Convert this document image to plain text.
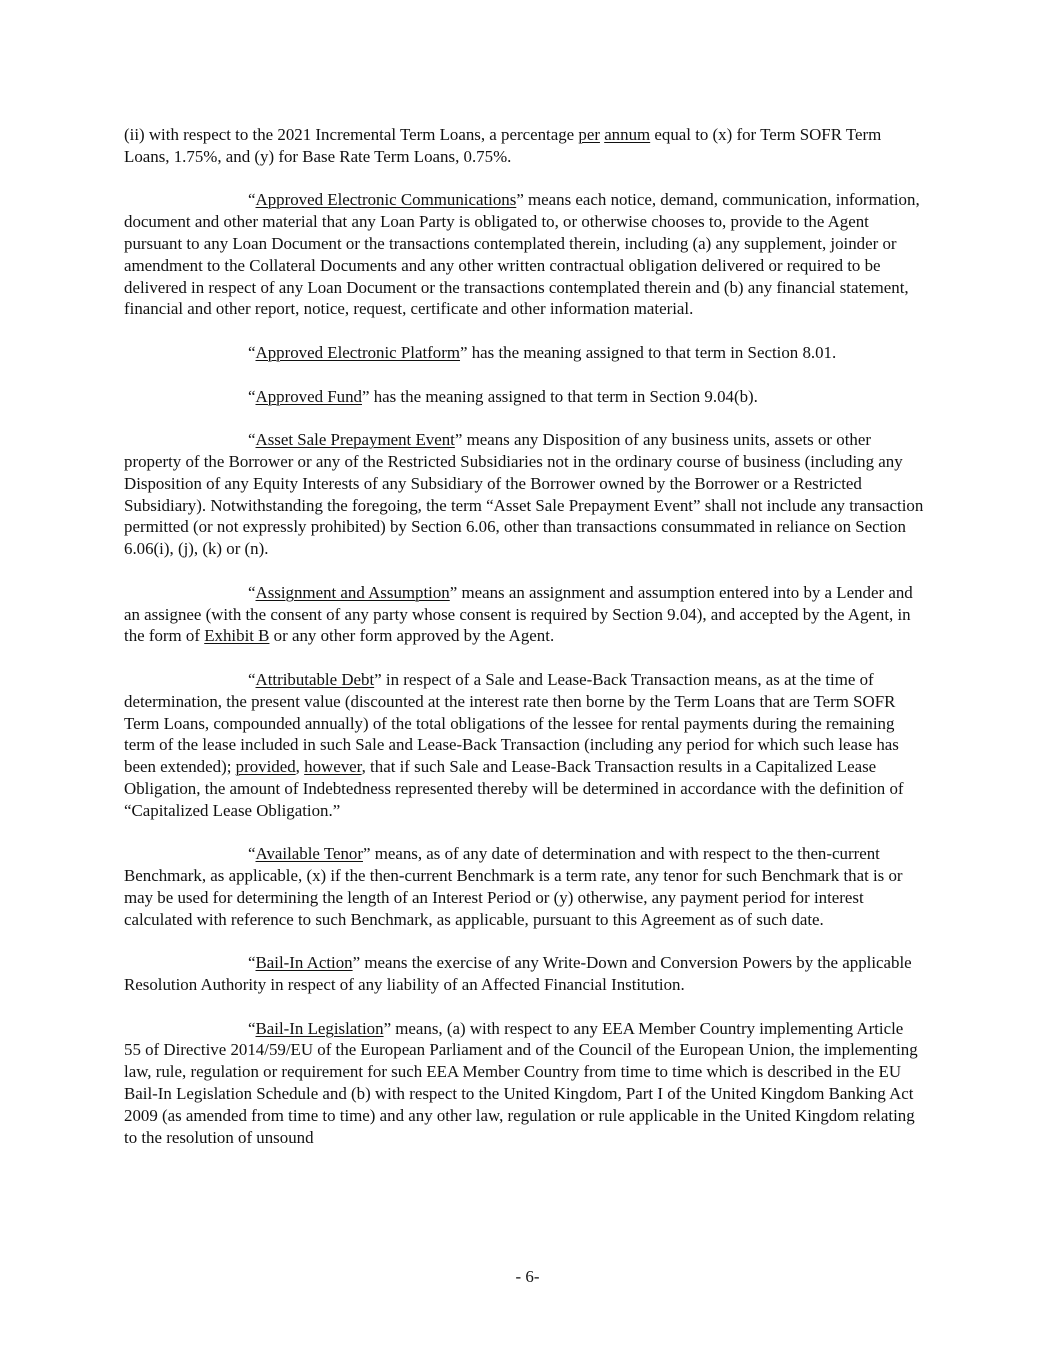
(ii) with respect to the 2021 Incremental Term Loans, a percentage per annum equal to (x) for Term SOFR Term Loans, 1.75%, and (y) for Base Rate Term Loans, 0.75%.

“Approved Electronic Communications” means each notice, demand, communication, information, document and other material that any Loan Party is obligated to, or otherwise chooses to, provide to the Agent pursuant to any Loan Document or the transactions contemplated therein, including (a) any supplement, joinder or amendment to the Collateral Documents and any other written contractual obligation delivered or required to be delivered in respect of any Loan Document or the transactions contemplated therein and (b) any financial statement, financial and other report, notice, request, certificate and other information material.

“Approved Electronic Platform” has the meaning assigned to that term in Section 8.01.

“Approved Fund” has the meaning assigned to that term in Section 9.04(b).

“Asset Sale Prepayment Event” means any Disposition of any business units, assets or other property of the Borrower or any of the Restricted Subsidiaries not in the ordinary course of business (including any Disposition of any Equity Interests of any Subsidiary of the Borrower owned by the Borrower or a Restricted Subsidiary). Notwithstanding the foregoing, the term “Asset Sale Prepayment Event” shall not include any transaction permitted (or not expressly prohibited) by Section 6.06, other than transactions consummated in reliance on Section 6.06(i), (j), (k) or (n).

“Assignment and Assumption” means an assignment and assumption entered into by a Lender and an assignee (with the consent of any party whose consent is required by Section 9.04), and accepted by the Agent, in the form of Exhibit B or any other form approved by the Agent.

“Attributable Debt” in respect of a Sale and Lease-Back Transaction means, as at the time of determination, the present value (discounted at the interest rate then borne by the Term Loans that are Term SOFR Term Loans, compounded annually) of the total obligations of the lessee for rental payments during the remaining term of the lease included in such Sale and Lease-Back Transaction (including any period for which such lease has been extended); provided, however, that if such Sale and Lease-Back Transaction results in a Capitalized Lease Obligation, the amount of Indebtedness represented thereby will be determined in accordance with the definition of “Capitalized Lease Obligation.”

“Available Tenor” means, as of any date of determination and with respect to the then-current Benchmark, as applicable, (x) if the then-current Benchmark is a term rate, any tenor for such Benchmark that is or may be used for determining the length of an Interest Period or (y) otherwise, any payment period for interest calculated with reference to such Benchmark, as applicable, pursuant to this Agreement as of such date.

“Bail-In Action” means the exercise of any Write-Down and Conversion Powers by the applicable Resolution Authority in respect of any liability of an Affected Financial Institution.

“Bail-In Legislation” means, (a) with respect to any EEA Member Country implementing Article 55 of Directive 2014/59/EU of the European Parliament and of the Council of the European Union, the implementing law, rule, regulation or requirement for such EEA Member Country from time to time which is described in the EU Bail-In Legislation Schedule and (b) with respect to the United Kingdom, Part I of the United Kingdom Banking Act 2009 (as amended from time to time) and any other law, regulation or rule applicable in the United Kingdom relating to the resolution of unsound

- 6-
